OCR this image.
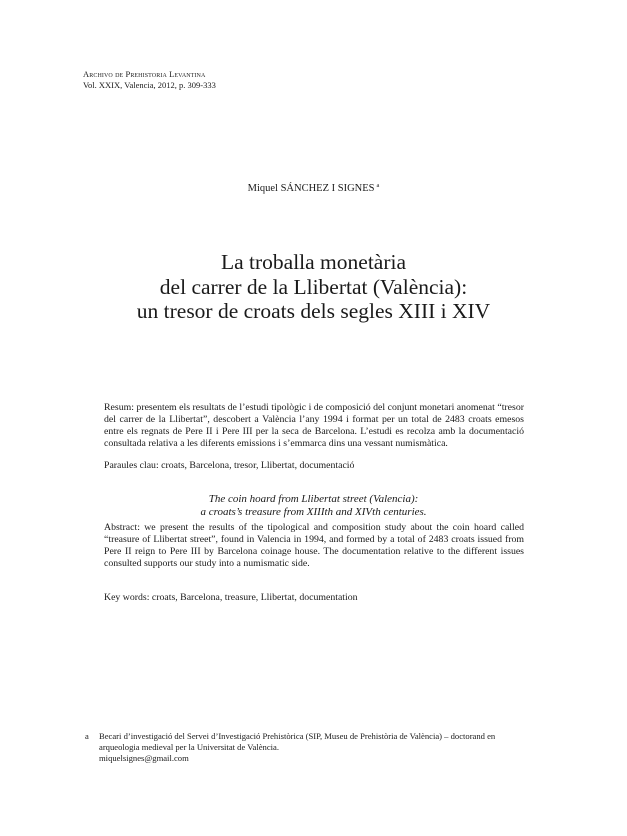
Archivo de Prehistoria Levantina
Vol. XXIX, Valencia, 2012, p. 309-333
Miquel SÁNCHEZ I SIGNES $^a$
La troballa monetària
del carrer de la Llibertat (València):
un tresor de croats dels segles XIII i XIV
Resum: presentem els resultats de l’estudi tipològic i de composició del conjunt monetari anomenat “tresor del carrer de la Llibertat”, descobert a València l’any 1994 i format per un total de 2483 croats emesos entre els regnats de Pere II i Pere III per la seca de Barcelona. L’estudi es recolza amb la documentació consultada relativa a les diferents emissions i s’emmarca dins una vessant numismàtica.
Paraules clau: croats, Barcelona, tresor, Llibertat, documentació
The coin hoard from Llibertat street (Valencia):
a croats’s treasure from XIIIth and XIVth centuries.
Abstract: we present the results of the tipological and composition study about the coin hoard called “treasure of Llibertat street”, found in Valencia in 1994, and formed by a total of 2483 croats issued from Pere II reign to Pere III by Barcelona coinage house. The documentation relative to the different issues consulted supports our study into a numismatic side.
Key words: croats, Barcelona, treasure, Llibertat, documentation
a Becari d’investigació del Servei d’Investigació Prehistòrica (SIP, Museu de Prehistòria de València) – doctorand en arqueologia medieval per la Universitat de València.
miquelsignes@gmail.com
